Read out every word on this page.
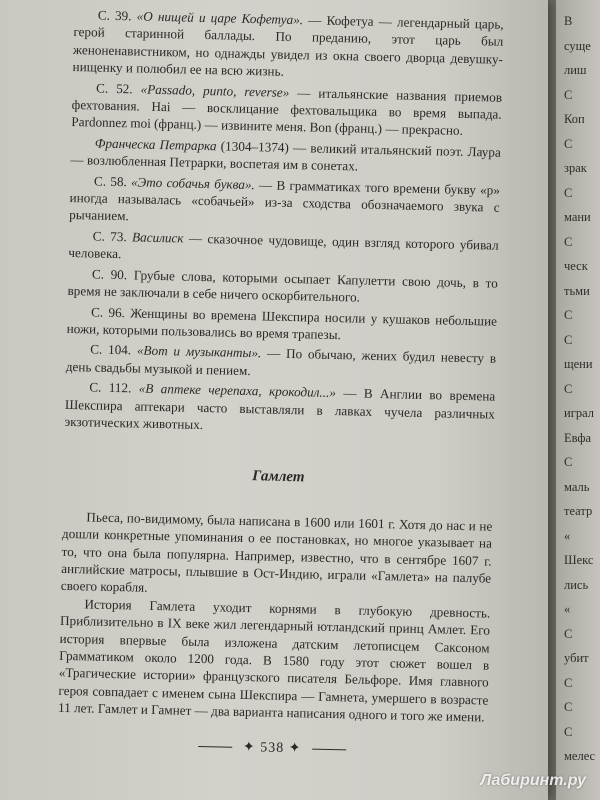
С. 39. «О нищей и царе Кофетуа». — Кофетуа — легендарный царь, герой старинной баллады. По преданию, этот царь был женоненавистником, но однажды увидел из окна своего дворца девушку-нищенку и полюбил ее на всю жизнь.

С. 52. «Passado, punto, reverse» — итальянские названия приемов фехтования. Hai — восклицание фехтовальщика во время выпада. Pardonnez moi (франц.) — извините меня. Bon (франц.) — прекрасно.

Франческа Петрарка (1304–1374) — великий итальянский поэт. Лаура — возлюбленная Петрарки, воспетая им в сонетах.

С. 58. «Это собачья буква». — В грамматиках того времени букву «р» иногда называлась «собачьей» из-за сходства обозначаемого звука с рычанием.

С. 73. Василиск — сказочное чудовище, один взгляд которого убивал человека.

С. 90. Грубые слова, которыми осыпает Капулетти свою дочь, в то время не заключали в себе ничего оскорбительного.

С. 96. Женщины во времена Шекспира носили у кушаков небольшие ножи, которыми пользовались во время трапезы.

С. 104. «Вот и музыканты». — По обычаю, жених будил невесту в день свадьбы музыкой и пением.

С. 112. «В аптеке черепаха, крокодил...» — В Англии во времена Шекспира аптекари часто выставляли в лавках чучела различных экзотических животных.

Гамлет

Пьеса, по-видимому, была написана в 1600 или 1601 г. Хотя до нас и не дошли конкретные упоминания о ее постановках, но многое указывает на то, что она была популярна. Например, известно, что в сентябре 1607 г. английские матросы, плывшие в Ост-Индию, играли «Гамлета» на палубе своего корабля.

История Гамлета уходит корнями в глубокую древность. Приблизительно в IX веке жил легендарный ютландский принц Амлет. Его история впервые была изложена датским летописцем Саксоном Грамматиком около 1200 года. В 1580 году этот сюжет вошел в «Трагические истории» французского писателя Бельфоре. Имя главного героя совпадает с именем сына Шекспира — Гамнета, умершего в возрасте 11 лет. Гамлет и Гамнет — два варианта написания одного и того же имени.

✦ 538 ✦
В
суще
лиш
С
Коп
С
зрак
С
мани
С
ческ
тьми
С
С
щени
С
играл
Евфа
С
маль
театр
«
Шекс
лись
«
С
убит
С
С
С
мелес
Лабиринт.ру
